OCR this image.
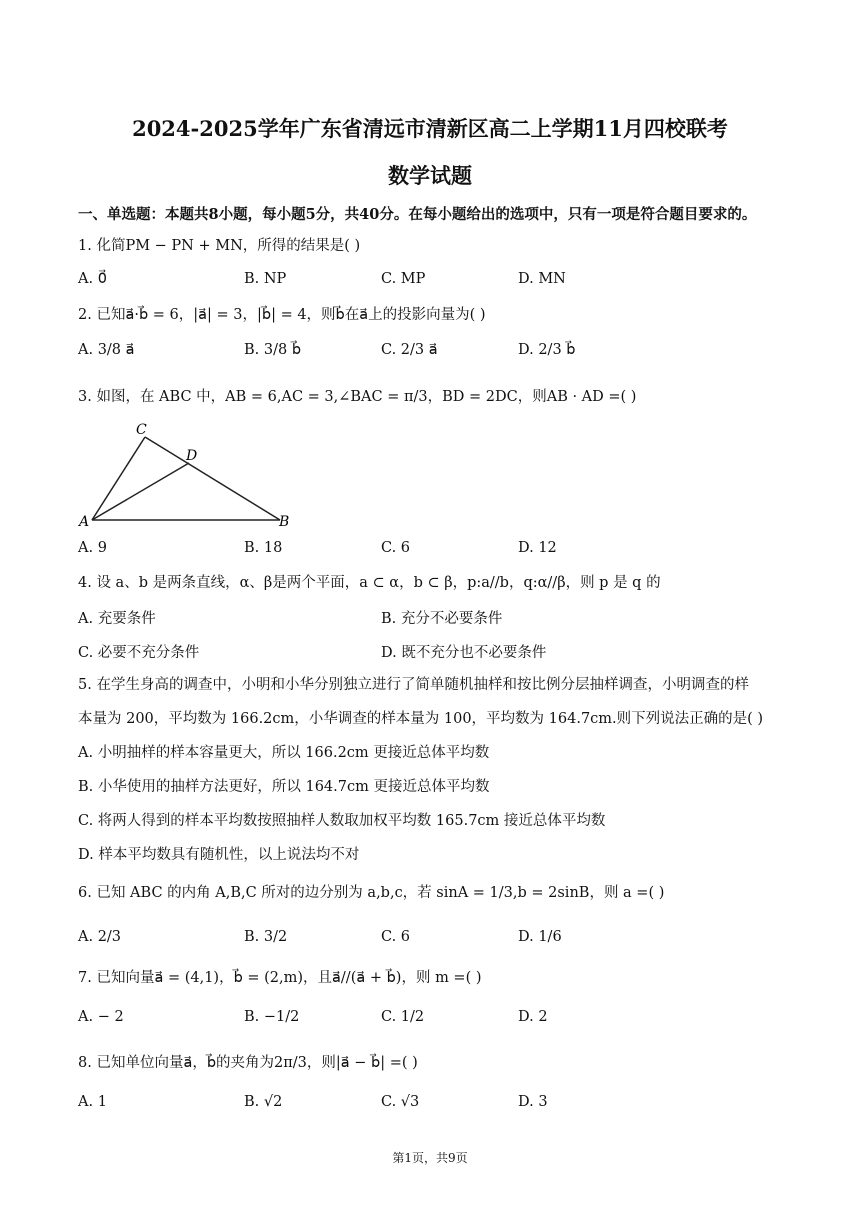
2024-2025学年广东省清远市清新区高二上学期11月四校联考
数学试题
一、单选题：本题共8小题，每小题5分，共40分。在每小题给出的选项中，只有一项是符合题目要求的。
1. 化简PM − PN + MN，所得的结果是( )
A. 0⃗	B. NP	C. MP	D. MN
2. 已知a⃗·b⃗ = 6，|a⃗| = 3，|b⃗| = 4，则b⃗在a⃗上的投影向量为( )
A. 3/8 a⃗	B. 3/8 b⃗	C. 2/3 a⃗	D. 2/3 b⃗
3. 如图，在 ABC 中，AB = 6,AC = 3,∠BAC = π/3，BD = 2DC，则AB · AD =( )
C
D
A	B
A. 9	B. 18	C. 6	D. 12
4. 设 a、b 是两条直线，α、β是两个平面，a ⊂ α，b ⊂ β，p:a//b，q:α//β，则 p 是 q 的
A. 充要条件	B. 充分不必要条件
C. 必要不充分条件	D. 既不充分也不必要条件
5. 在学生身高的调查中，小明和小华分别独立进行了简单随机抽样和按比例分层抽样调查，小明调查的样
本量为 200，平均数为 166.2cm，小华调查的样本量为 100，平均数为 164.7cm.则下列说法正确的是( )
A. 小明抽样的样本容量更大，所以 166.2cm 更接近总体平均数
B. 小华使用的抽样方法更好，所以 164.7cm 更接近总体平均数
C. 将两人得到的样本平均数按照抽样人数取加权平均数 165.7cm 接近总体平均数
D. 样本平均数具有随机性，以上说法均不对
6. 已知 ABC 的内角 A,B,C 所对的边分别为 a,b,c，若 sinA = 1/3,b = 2sinB，则 a =( )
A. 2/3	B. 3/2	C. 6	D. 1/6
7. 已知向量a⃗ = (4,1)，b⃗ = (2,m)，且a⃗//(a⃗ + b⃗)，则 m =( )
A. − 2	B. −1/2	C. 1/2	D. 2
8. 已知单位向量a⃗，b⃗的夹角为2π/3，则|a⃗ − b⃗| =( )
A. 1	B. √2	C. √3	D. 3
第1页，共9页
